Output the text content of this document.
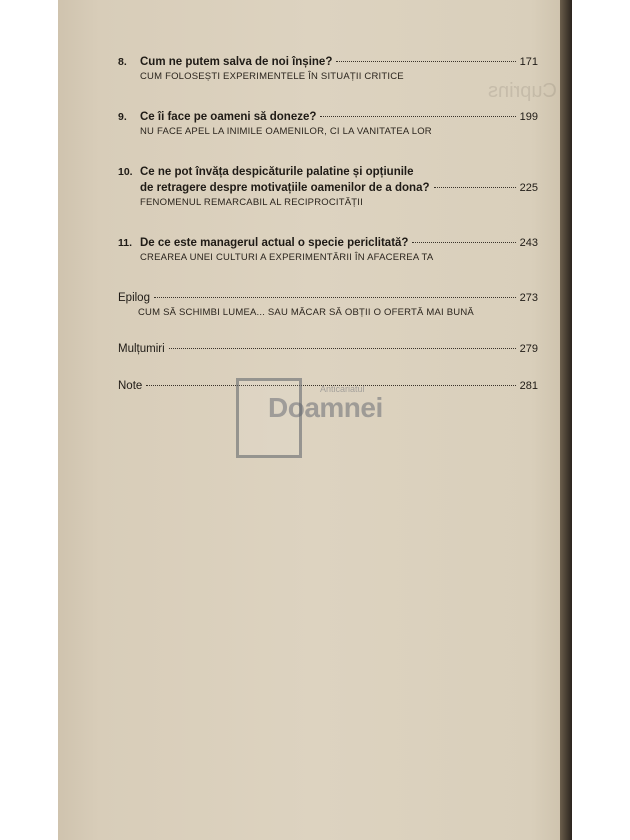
Cuprins
8.	Cum ne putem salva de noi înșine?	171
CUM FOLOSEȘTI EXPERIMENTELE ÎN SITUAȚII CRITICE
9.	Ce îi face pe oameni să doneze?	199
NU FACE APEL LA INIMILE OAMENILOR, CI LA VANITATEA LOR
10. Ce ne pot învăța despicăturile palatine și opțiunile
de retragere despre motivațiile oamenilor de a dona?	225
FENOMENUL REMARCABIL AL RECIPROCITĂȚII
11. De ce este managerul actual o specie periclitată?	243
CREAREA UNEI CULTURI A EXPERIMENTĂRII ÎN AFACEREA TA
Epilog	273
CUM SĂ SCHIMBI LUMEA... SAU MĂCAR SĂ OBȚII O OFERTĂ MAI BUNĂ
Mulțumiri	279
Note	281
Anticariatul
Doamnei
